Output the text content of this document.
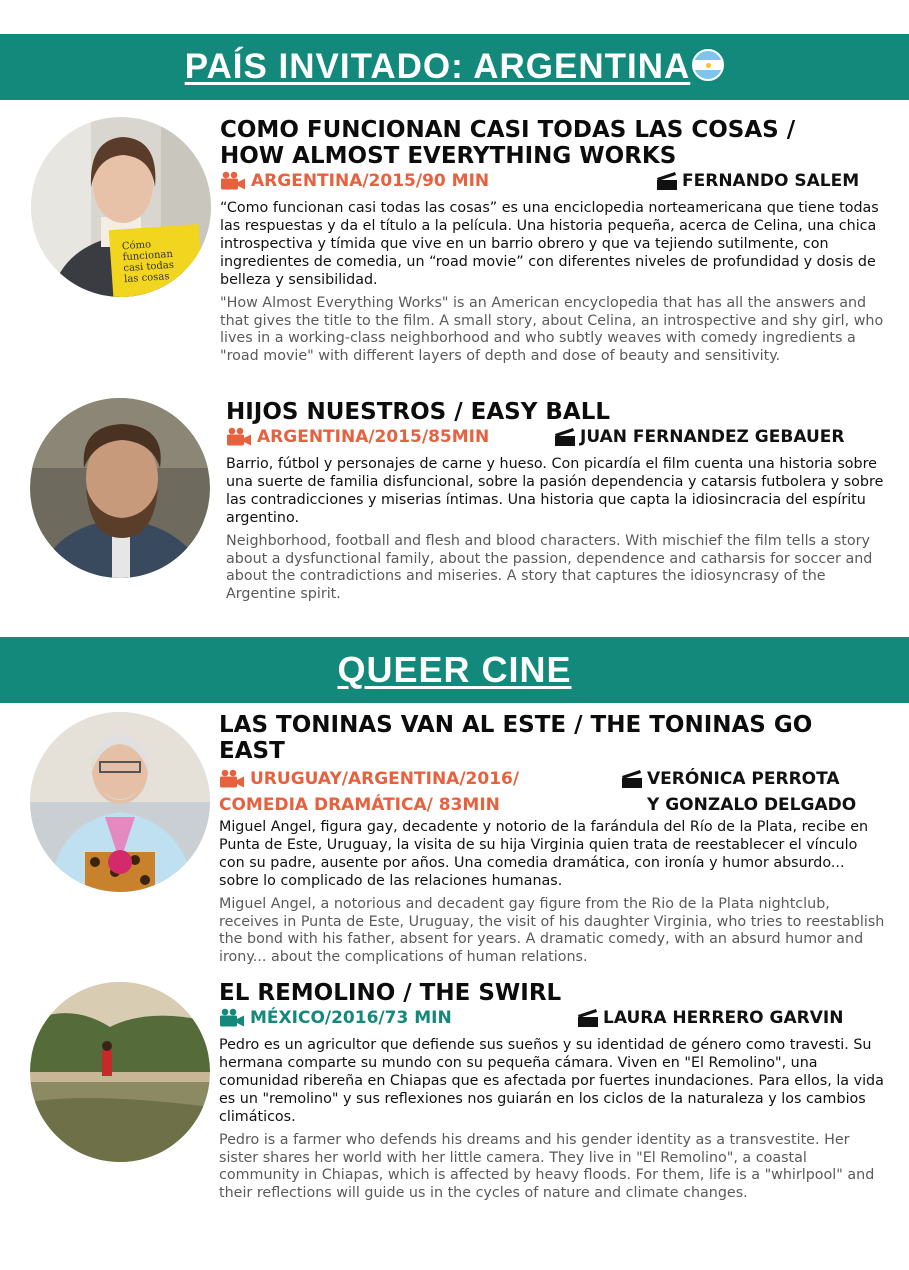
PAÍS INVITADO: ARGENTINA
Cómo
funcionan
casi todas
las cosas
COMO FUNCIONAN CASI TODAS LAS COSAS /
HOW ALMOST EVERYTHING WORKS
ARGENTINA/2015/90 MIN	FERNANDO SALEM

“Como funcionan casi todas las cosas” es una enciclopedia norteamericana que tiene todas las respuestas y da el título a la película. Una historia pequeña, acerca de Celina, una chica introspectiva y tímida que vive en un barrio obrero y que va tejiendo sutilmente, con ingredientes de comedia, un “road movie” con diferentes niveles de profundidad y dosis de belleza y sensibilidad.

"How Almost Everything Works" is an American encyclopedia that has all the answers and that gives the title to the film. A small story, about Celina, an introspective and shy girl, who lives in a working-class neighborhood and who subtly weaves with comedy ingredients a "road movie" with different layers of depth and dose of beauty and sensitivity.

HIJOS NUESTROS / EASY BALL
ARGENTINA/2015/85MIN	JUAN FERNANDEZ GEBAUER

Barrio, fútbol y personajes de carne y hueso. Con picardía el film cuenta una historia sobre una suerte de familia disfuncional, sobre la pasión dependencia y catarsis futbolera y sobre las contradicciones y miserias íntimas. Una historia que capta la idiosincracia del espíritu argentino.

Neighborhood, football and flesh and blood characters. With mischief the film tells a story about a dysfunctional family, about the passion, dependence and catharsis for soccer and about the contradictions and miseries. A story that captures the idiosyncrasy of the Argentine spirit.

QUEER CINE
LAS TONINAS VAN AL ESTE / THE TONINAS GO
EAST
URUGUAY/ARGENTINA/2016/
COMEDIA DRAMÁTICA/ 83MIN
VERÓNICA PERROTA
Y GONZALO DELGADO

Miguel Angel, figura gay, decadente y notorio de la farándula del Río de la Plata, recibe en Punta de Este, Uruguay, la visita de su hija Virginia quien trata de reestablecer el vínculo con su padre, ausente por años. Una comedia dramática, con ironía y humor absurdo... sobre lo complicado de las relaciones humanas.

Miguel Angel, a notorious and decadent gay figure from the Rio de la Plata nightclub, receives in Punta de Este, Uruguay, the visit of his daughter Virginia, who tries to reestablish the bond with his father, absent for years. A dramatic comedy, with an absurd humor and irony... about the complications of human relations.

EL REMOLINO / THE SWIRL
MÉXICO/2016/73 MIN	LAURA HERRERO GARVIN

Pedro es un agricultor que defiende sus sueños y su identidad de género como travesti. Su hermana comparte su mundo con su pequeña cámara. Viven en "El Remolino", una comunidad ribereña en Chiapas que es afectada por fuertes inundaciones. Para ellos, la vida es un "remolino" y sus reflexiones nos guiarán en los ciclos de la naturaleza y los cambios climáticos.

Pedro is a farmer who defends his dreams and his gender identity as a transvestite. Her sister shares her world with her little camera. They live in "El Remolino", a coastal community in Chiapas, which is affected by heavy floods. For them, life is a "whirlpool" and their reflections will guide us in the cycles of nature and climate changes.
